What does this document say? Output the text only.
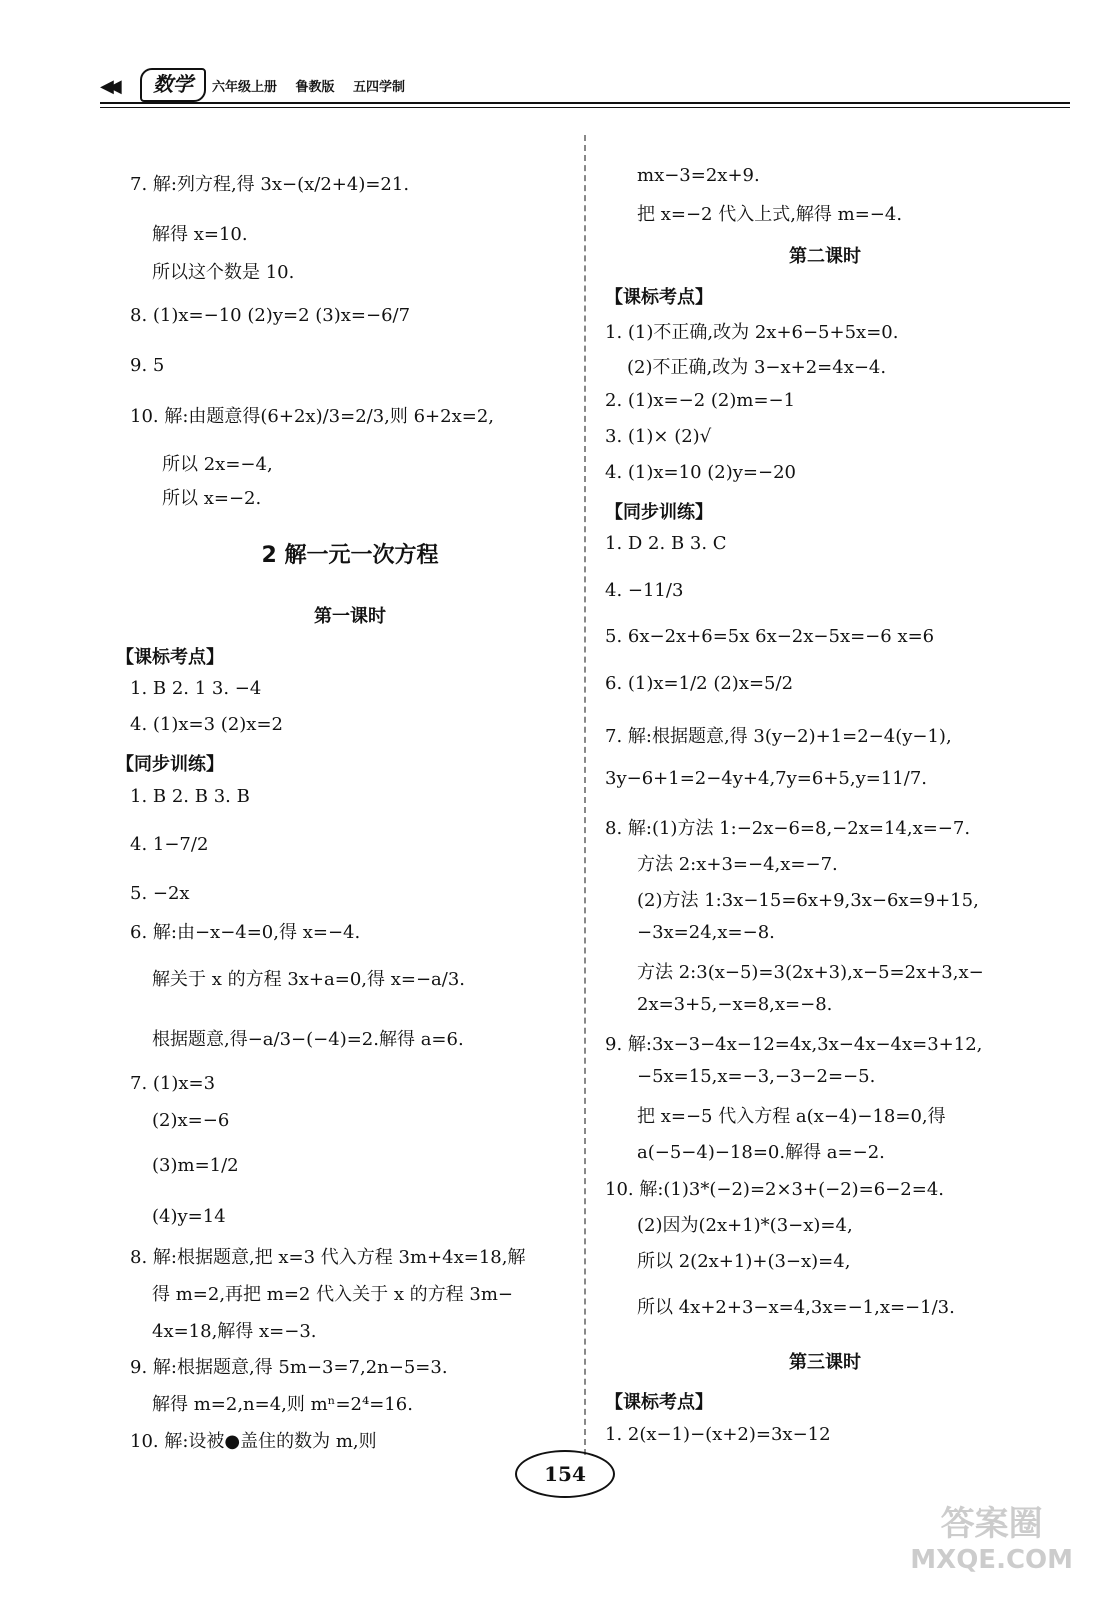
◀◀	数学	六年级上册 鲁教版 五四学制
7. 解:列方程,得 3x−(x/2+4)=21.
解得 x=10.
所以这个数是 10.
8. (1)x=−10 (2)y=2 (3)x=−6/7
9. 5
10. 解:由题意得(6+2x)/3=2/3,则 6+2x=2,
所以 2x=−4,
所以 x=−2.
2 解一元一次方程
第一课时
【课标考点】
1. B 2. 1 3. −4
4. (1)x=3 (2)x=2
【同步训练】
1. B 2. B 3. B
4. 1−7/2
5. −2x
6. 解:由−x−4=0,得 x=−4.
解关于 x 的方程 3x+a=0,得 x=−a/3.
根据题意,得−a/3−(−4)=2.解得 a=6.
7. (1)x=3
(2)x=−6
(3)m=1/2
(4)y=14
8. 解:根据题意,把 x=3 代入方程 3m+4x=18,解
得 m=2,再把 m=2 代入关于 x 的方程 3m−
4x=18,解得 x=−3.
9. 解:根据题意,得 5m−3=7,2n−5=3.
解得 m=2,n=4,则 mⁿ=2⁴=16.
10. 解:设被●盖住的数为 m,则
mx−3=2x+9.
把 x=−2 代入上式,解得 m=−4.
第二课时
【课标考点】
1. (1)不正确,改为 2x+6−5+5x=0.
(2)不正确,改为 3−x+2=4x−4.
2. (1)x=−2 (2)m=−1
3. (1)× (2)√
4. (1)x=10 (2)y=−20
【同步训练】
1. D 2. B 3. C
4. −11/3
5. 6x−2x+6=5x 6x−2x−5x=−6 x=6
6. (1)x=1/2 (2)x=5/2
7. 解:根据题意,得 3(y−2)+1=2−4(y−1),
3y−6+1=2−4y+4,7y=6+5,y=11/7.
8. 解:(1)方法 1:−2x−6=8,−2x=14,x=−7.
方法 2:x+3=−4,x=−7.
(2)方法 1:3x−15=6x+9,3x−6x=9+15,
−3x=24,x=−8.
方法 2:3(x−5)=3(2x+3),x−5=2x+3,x−
2x=3+5,−x=8,x=−8.
9. 解:3x−3−4x−12=4x,3x−4x−4x=3+12,
−5x=15,x=−3,−3−2=−5.
把 x=−5 代入方程 a(x−4)−18=0,得
a(−5−4)−18=0.解得 a=−2.
10. 解:(1)3*(−2)=2×3+(−2)=6−2=4.
(2)因为(2x+1)*(3−x)=4,
所以 2(2x+1)+(3−x)=4,
所以 4x+2+3−x=4,3x=−1,x=−1/3.
第三课时
【课标考点】
1. 2(x−1)−(x+2)=3x−12
154
答案圈
MXQE.COM
